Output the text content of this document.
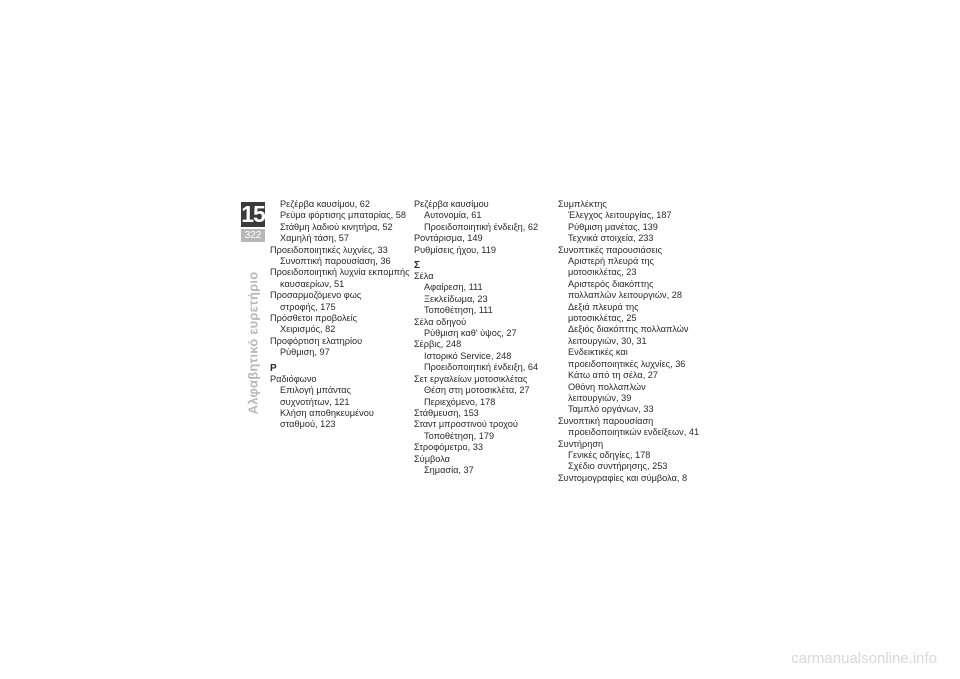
15
322
Αλφαβητικό ευρετήριο
Ρεζέρβα καυσίμου, 62
Ρεύμα φόρτισης μπαταρίας, 58
Στάθμη λαδιού κινητήρα, 52
Χαμηλή τάση, 57
Προειδοποιητικές λυχνίες, 33
Συνοπτική παρουσίαση, 36
Προειδοποιητική λυχνία εκπομπής
καυσαερίων, 51
Προσαρμοζόμενο φως
στροφής, 175
Πρόσθετοι προβολείς
Χειρισμός, 82
Προφόρτιση ελατηρίου
Ρύθμιση, 97
Ρ
Ραδιόφωνο
Επιλογή μπάντας
συχνοτήτων, 121
Κλήση αποθηκευμένου
σταθμού, 123
Ρεζέρβα καυσίμου
Αυτονομία, 61
Προειδοποιητική ένδειξη, 62
Ροντάρισμα, 149
Ρυθμίσεις ήχου, 119
Σ
Σέλα
Αφαίρεση, 111
Ξεκλείδωμα, 23
Τοποθέτηση, 111
Σέλα οδηγού
Ρύθμιση καθ' ύψος, 27
Σέρβις, 248
Ιστορικό Service, 248
Προειδοποιητική ένδειξη, 64
Σετ εργαλείων μοτοσικλέτας
Θέση στη μοτοσικλέτα, 27
Περιεχόμενο, 178
Στάθμευση, 153
Σταντ μπροστινού τροχού
Τοποθέτηση, 179
Στροφόμετρο, 33
Σύμβολα
Σημασία, 37
Συμπλέκτης
Έλεγχος λειτουργίας, 187
Ρύθμιση μανέτας, 139
Τεχνικά στοιχεία, 233
Συνοπτικές παρουσιάσεις
Αριστερή πλευρά της
μοτοσικλέτας, 23
Αριστερός διακόπτης
πολλαπλών λειτουργιών, 28
Δεξιά πλευρά της
μοτοσικλέτας, 25
Δεξιός διακόπτης πολλαπλών
λειτουργιών, 30, 31
Ενδεικτικές και
προειδοποιητικές λυχνίες, 36
Κάτω από τη σέλα, 27
Οθόνη πολλαπλών
λειτουργιών, 39
Ταμπλό οργάνων, 33
Συνοπτική παρουσίαση
προειδοποιητικών ενδείξεων, 41
Συντήρηση
Γενικές οδηγίες, 178
Σχέδιο συντήρησης, 253
Συντομογραφίες και σύμβολα, 8
carmanualsonline.info
